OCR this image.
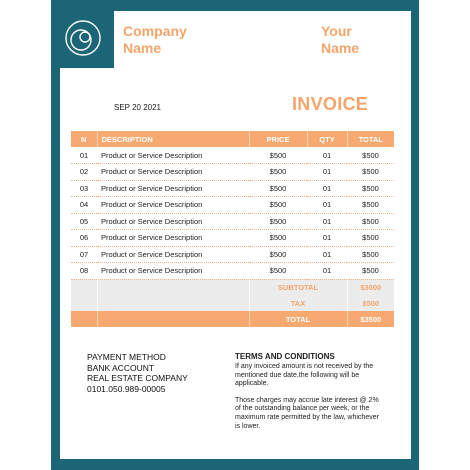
Company Name
Your Name
SEP 20 2021	INVOICE
N	DESCRIPTION	PRICE	QTY	TOTAL
01	Product or Service Description	$500	01	$500
02	Product or Service Description	$500	01	$500
03	Product or Service Description	$500	01	$500
04	Product or Service Description	$500	01	$500
05	Product or Service Description	$500	01	$500
06	Product or Service Description	$500	01	$500
07	Product or Service Description	$500	01	$500
08	Product or Service Description	$500	01	$500
		SUBTOTAL		$3000
		TAX		$500
		TOTAL		$3500
PAYMENT METHOD
BANK ACCOUNT
REAL ESTATE COMPANY
0101.050.989-00005
TERMS AND CONDITIONS

If any invoiced amount is not received by the mentioned due date,the following will be applicable.

Those charges may accrue late interest @ 2% of the outstanding balance per week, or the maximum rate permitted by the law, whichever is lower.
